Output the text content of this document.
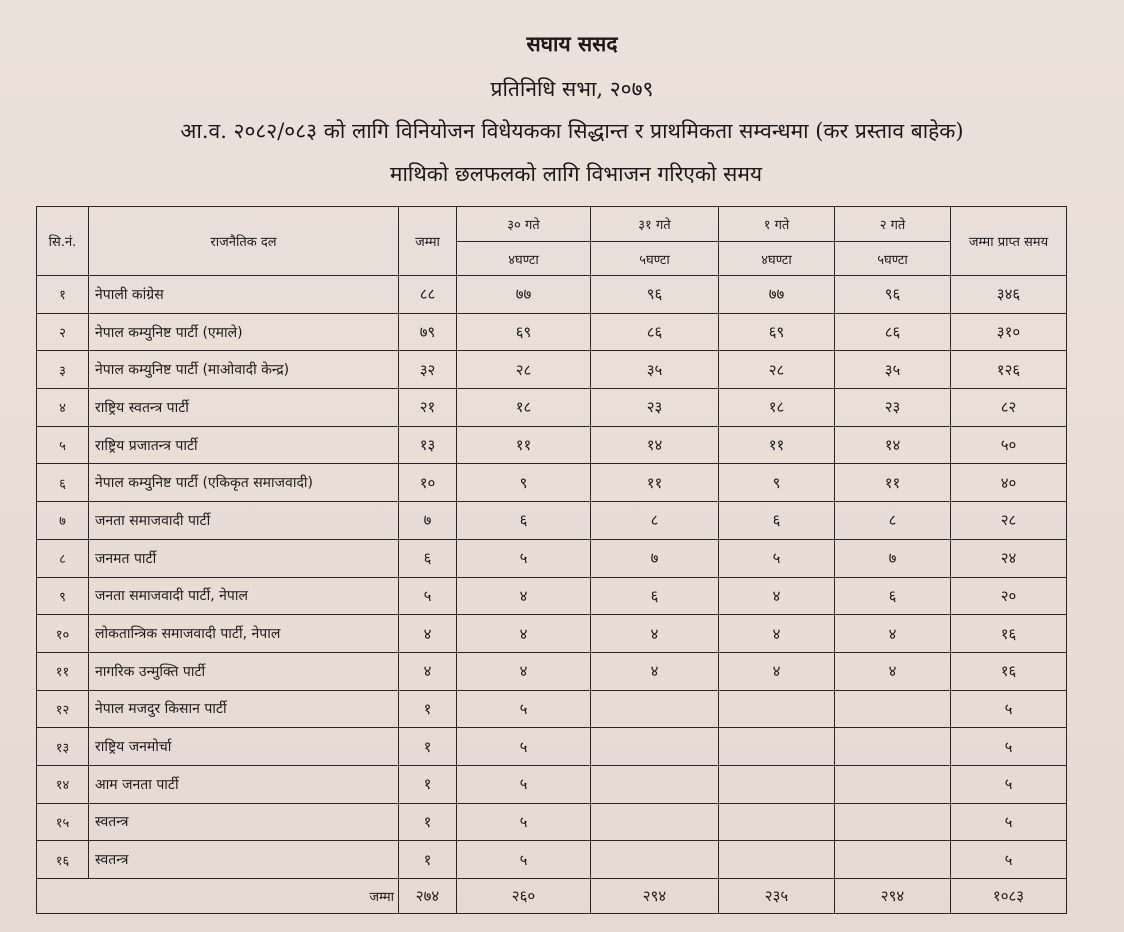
सघाय ससद
प्रतिनिधि सभा, २०७९
आ.व. २०८२/०८३ को लागि विनियोजन विधेयकका सिद्धान्त र प्राथमिकता सम्वन्धमा (कर प्रस्ताव बाहेक)
माथिको छलफलको लागि विभाजन गरिएको समय
सि.नं.	राजनैतिक दल	जम्मा	३० गते	३१ गते	१ गते	२ गते	जम्मा प्राप्त समय
			४घण्टा	५घण्टा	४घण्टा	५घण्टा	
१	नेपाली कांग्रेस	८८	७७	९६	७७	९६	३४६
२	नेपाल कम्युनिष्ट पार्टी (एमाले)	७९	६९	८६	६९	८६	३१०
३	नेपाल कम्युनिष्ट पार्टी (माओवादी केन्द्र)	३२	२८	३५	२८	३५	१२६
४	राष्ट्रिय स्वतन्त्र पार्टी	२१	१८	२३	१८	२३	८२
५	राष्ट्रिय प्रजातन्त्र पार्टी	१३	११	१४	११	१४	५०
६	नेपाल कम्युनिष्ट पार्टी (एकिकृत समाजवादी)	१०	९	११	९	११	४०
७	जनता समाजवादी पार्टी	७	६	८	६	८	२८
८	जनमत पार्टी	६	५	७	५	७	२४
९	जनता समाजवादी पार्टी, नेपाल	५	४	६	४	६	२०
१०	लोकतान्त्रिक समाजवादी पार्टी, नेपाल	४	४	४	४	४	१६
११	नागरिक उन्मुक्ति पार्टी	४	४	४	४	४	१६
१२	नेपाल मजदुर किसान पार्टी	१	५				५
१३	राष्ट्रिय जनमोर्चा	१	५				५
१४	आम जनता पार्टी	१	५				५
१५	स्वतन्त्र	१	५				५
१६	स्वतन्त्र	१	५				५
जम्मा		२७४	२६०	२९४	२३५	२९४	१०८३
